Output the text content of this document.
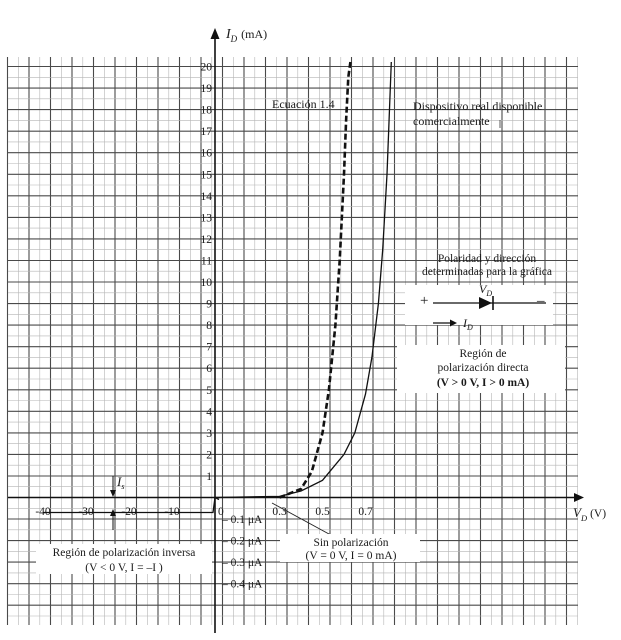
$I_D$ (mA)
$V_D$ (V)
1
2
3
4
5
6
7
8
9
10
11
12
13
14
15
16
17
18
19
20
0.3 0.5 0.7
-40 -30 -20 -10
– 0.1 μA
– 0.2 μA
– 0.3 μA
– 0.4 μA
0
Ecuación 1.4	Dispositivo real disponible
comercialmente
Polaridad y dirección
determinadas para la gráfica
+	–
$V_D$
$I_D$
Región de
polarización directa
(V > 0 V, I > 0 mA)
$I_s$
Sin polarización
(V = 0 V, I = 0 mA)
Región de polarización inversa
(V < 0 V, I = –I )
